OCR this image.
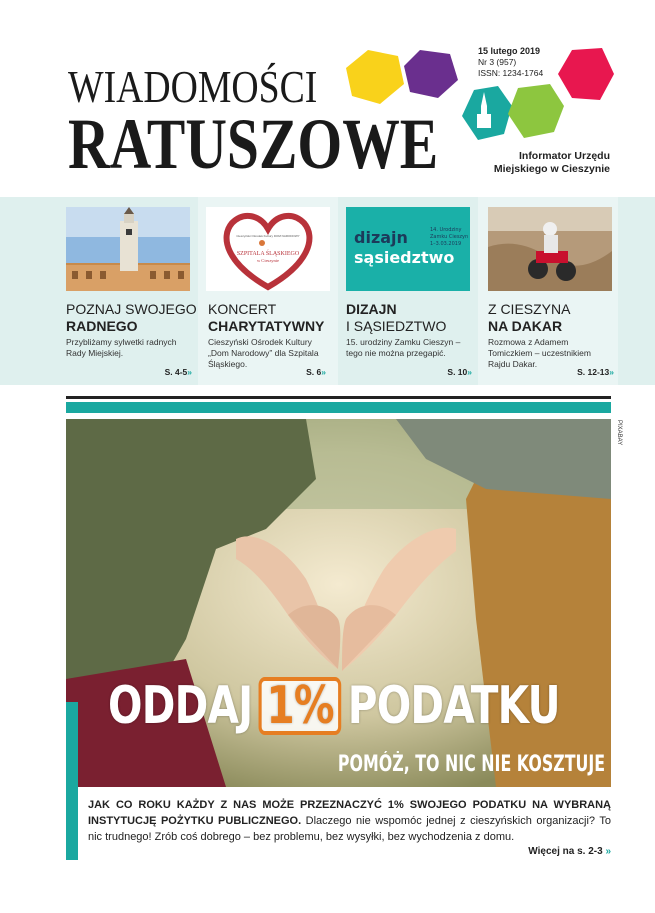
WIADOMOŚCI
RATUSZOWE
15 lutego 2019
Nr 3 (957)
ISSN: 1234-1764
Informator Urzędu
Miejskiego w Cieszynie
POZNAJ SWOJEGO
RADNEGO
Przybliżamy sylwetki radnych Rady Miejskiej.
S. 4-5»
SZPITALA ŚLĄSKIEGO
w Cieszynie
Cieszyński Ośrodek Kultury DOM NARODOWY
KONCERT
CHARYTATYWNY
Cieszyński Ośrodek Kultury „Dom Narodowy” dla Szpitala Śląskiego.
S. 6»
dizajn
sąsiedztwo
14. Urodziny
Zamku Cieszyn
1–3.03.2019
DIZAJN
I SĄSIEDZTWO
15. urodziny Zamku Cieszyn – tego nie można przegapić.
S. 10»
Z CIESZYNA
NA DAKAR
Rozmowa z Adamem Tomiczkiem – uczestnikiem Rajdu Dakar.
S. 12-13»
PIXABAY
ODDAJ 1% PODATKU
POMÓŻ, TO NIC NIE KOSZTUJE
JAK CO ROKU KAŻDY Z NAS MOŻE PRZEZNACZYĆ 1% SWOJEGO PODATKU NA WYBRANĄ INSTYTUCJĘ POŻYTKU PUBLICZNEGO. Dlaczego nie wspomóc jednej z cieszyńskich organizacji? To nic trudnego! Zrób coś dobrego – bez problemu, bez wysyłki, bez wychodzenia z domu.
Więcej na s. 2-3 »
